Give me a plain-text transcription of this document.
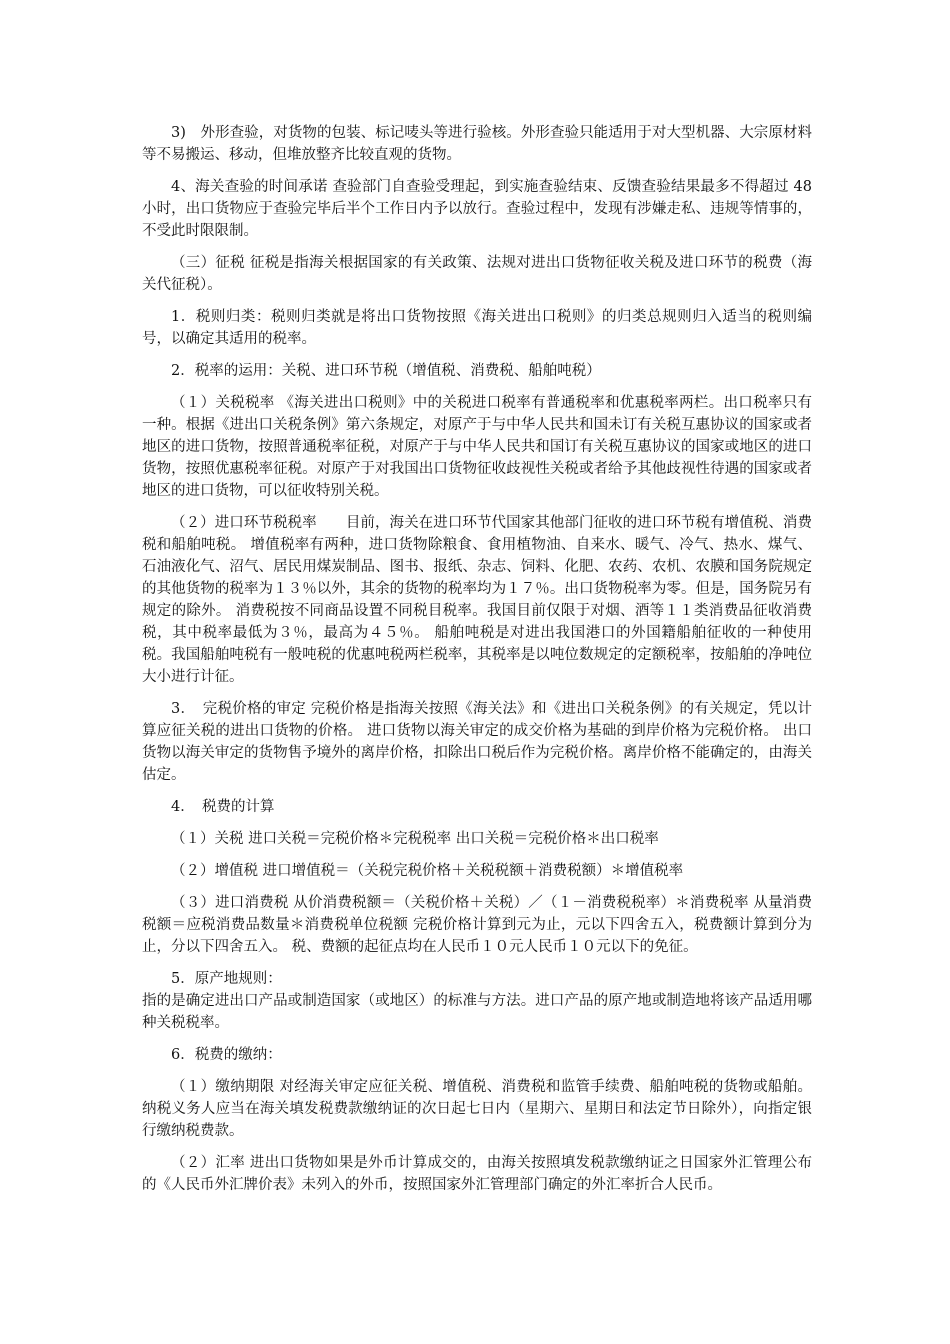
3)　外形查验，对货物的包装、标记唛头等进行验核。外形查验只能适用于对大型机器、大宗原材料等不易搬运、移动，但堆放整齐比较直观的货物。

4、海关查验的时间承诺 查验部门自查验受理起，到实施查验结束、反馈查验结果最多不得超过 48 小时，出口货物应于查验完毕后半个工作日内予以放行。查验过程中，发现有涉嫌走私、违规等情事的，不受此时限限制。

（三）征税 征税是指海关根据国家的有关政策、法规对进出口货物征收关税及进口环节的税费（海关代征税）。

1．税则归类：税则归类就是将出口货物按照《海关进出口税则》的归类总规则归入适当的税则编号，以确定其适用的税率。

2．税率的运用：关税、进口环节税（增值税、消费税、船舶吨税）

（１）关税税率 《海关进出口税则》中的关税进口税率有普通税率和优惠税率两栏。出口税率只有一种。根据《进出口关税条例》第六条规定，对原产于与中华人民共和国未订有关税互惠协议的国家或者地区的进口货物，按照普通税率征税，对原产于与中华人民共和国订有关税互惠协议的国家或地区的进口货物，按照优惠税率征税。对原产于对我国出口货物征收歧视性关税或者给予其他歧视性待遇的国家或者地区的进口货物，可以征收特别关税。

（２）进口环节税税率　　目前，海关在进口环节代国家其他部门征收的进口环节税有增值税、消费税和船舶吨税。 增值税率有两种，进口货物除粮食、食用植物油、自来水、暖气、冷气、热水、煤气、石油液化气、沼气、居民用煤炭制品、图书、报纸、杂志、饲料、化肥、农药、农机、农膜和国务院规定的其他货物的税率为１３％以外，其余的货物的税率均为１７％。出口货物税率为零。但是，国务院另有规定的除外。 消费税按不同商品设置不同税目税率。我国目前仅限于对烟、酒等１１类消费品征收消费税，其中税率最低为３％，最高为４５％。 船舶吨税是对进出我国港口的外国籍船舶征收的一种使用税。我国船舶吨税有一般吨税的优惠吨税两栏税率，其税率是以吨位数规定的定额税率，按船舶的净吨位大小进行计征。

3．　完税价格的审定 完税价格是指海关按照《海关法》和《进出口关税条例》的有关规定，凭以计算应征关税的进出口货物的价格。 进口货物以海关审定的成交价格为基础的到岸价格为完税价格。 出口货物以海关审定的货物售予境外的离岸价格，扣除出口税后作为完税价格。离岸价格不能确定的，由海关估定。

4．　税费的计算

（１）关税 进口关税＝完税价格＊完税税率 出口关税＝完税价格＊出口税率

（２）增值税 进口增值税＝（关税完税价格＋关税税额＋消费税额）＊增值税率

（３）进口消费税 从价消费税额＝（关税价格＋关税）／（１－消费税税率）＊消费税率 从量消费税额＝应税消费品数量＊消费税单位税额 完税价格计算到元为止，元以下四舍五入，税费额计算到分为止，分以下四舍五入。 税、费额的起征点均在人民币１０元人民币１０元以下的免征。

5．原产地规则：

指的是确定进出口产品或制造国家（或地区）的标准与方法。进口产品的原产地或制造地将该产品适用哪种关税税率。

6．税费的缴纳：

（１）缴纳期限 对经海关审定应征关税、增值税、消费税和监管手续费、船舶吨税的货物或船舶。纳税义务人应当在海关填发税费款缴纳证的次日起七日内（星期六、星期日和法定节日除外），向指定银行缴纳税费款。

（２）汇率 进出口货物如果是外币计算成交的，由海关按照填发税款缴纳证之日国家外汇管理公布的《人民币外汇牌价表》未列入的外币，按照国家外汇管理部门确定的外汇率折合人民币。
